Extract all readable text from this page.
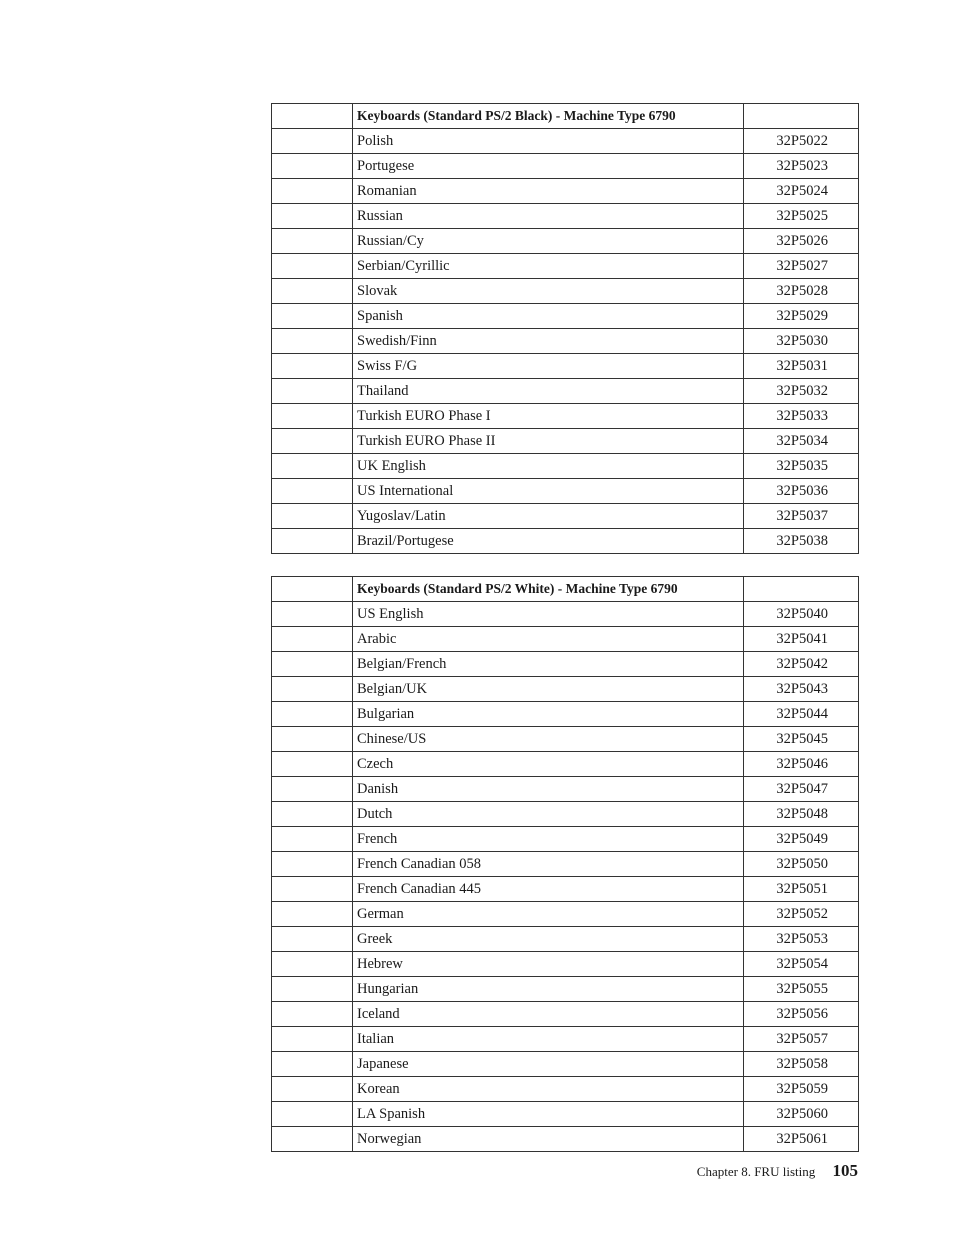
	Keyboards (Standard PS/2 Black) - Machine Type 6790	
	Polish	32P5022
	Portugese	32P5023
	Romanian	32P5024
	Russian	32P5025
	Russian/Cy	32P5026
	Serbian/Cyrillic	32P5027
	Slovak	32P5028
	Spanish	32P5029
	Swedish/Finn	32P5030
	Swiss F/G	32P5031
	Thailand	32P5032
	Turkish EURO Phase I	32P5033
	Turkish EURO Phase II	32P5034
	UK English	32P5035
	US International	32P5036
	Yugoslav/Latin	32P5037
	Brazil/Portugese	32P5038
	Keyboards (Standard PS/2 White) - Machine Type 6790	
	US English	32P5040
	Arabic	32P5041
	Belgian/French	32P5042
	Belgian/UK	32P5043
	Bulgarian	32P5044
	Chinese/US	32P5045
	Czech	32P5046
	Danish	32P5047
	Dutch	32P5048
	French	32P5049
	French Canadian 058	32P5050
	French Canadian 445	32P5051
	German	32P5052
	Greek	32P5053
	Hebrew	32P5054
	Hungarian	32P5055
	Iceland	32P5056
	Italian	32P5057
	Japanese	32P5058
	Korean	32P5059
	LA Spanish	32P5060
	Norwegian	32P5061
Chapter 8. FRU listing 105
